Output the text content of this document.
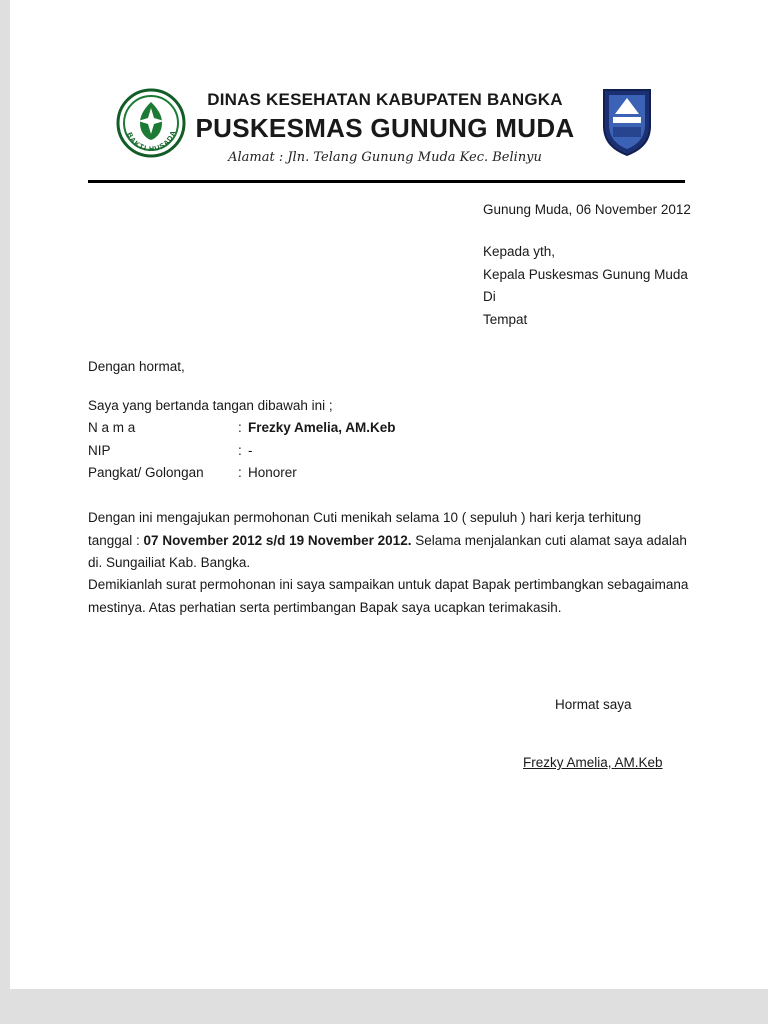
BAKTI HUSADA
DINAS KESEHATAN KABUPATEN BANGKA
PUSKESMAS GUNUNG MUDA
Alamat : Jln. Telang Gunung Muda Kec. Belinyu
Gunung Muda, 06 November 2012
Kepada yth,
Kepala Puskesmas Gunung Muda
Di
Tempat
Dengan hormat,
Saya yang bertanda tangan dibawah ini ;
N a m a	: Frezky Amelia, AM.Keb
NIP	: -
Pangkat/ Golongan	: Honorer
Dengan ini mengajukan permohonan Cuti menikah selama 10 ( sepuluh ) hari kerja terhitung tanggal : 07 November 2012 s/d 19 November 2012. Selama menjalankan cuti alamat saya adalah di. Sungailiat Kab. Bangka.
Demikianlah surat permohonan ini saya sampaikan untuk dapat Bapak pertimbangkan sebagaimana mestinya. Atas perhatian serta pertimbangan Bapak saya ucapkan terimakasih.
Hormat saya
Frezky Amelia, AM.Keb
